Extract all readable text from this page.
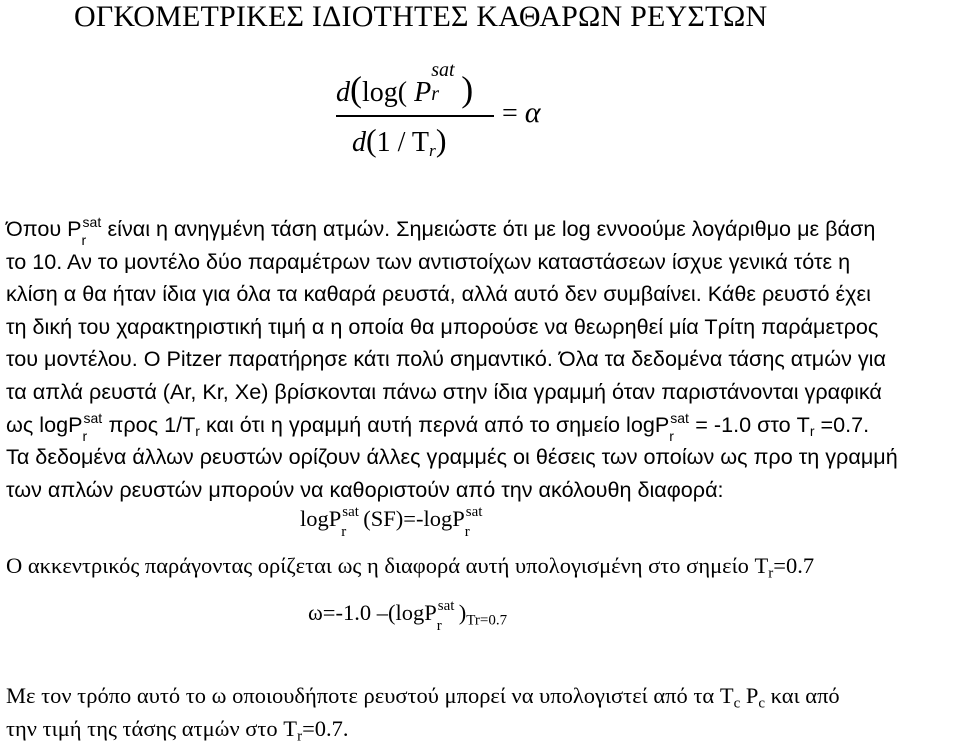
ΟΓΚΟΜΕΤΡΙΚΕΣ ΙΔΙΟΤΗΤΕΣ ΚΑΘΑΡΩΝ ΡΕΥΣΤΩΝ
d(log( P
sat
r )
$d(1 / T_r)$
= α

Όπου P sat
r είναι η ανηγμένη τάση ατμών. Σημειώστε ότι με log εννοούμε λογάριθμο με βάση

το 10. Αν το μοντέλο δύο παραμέτρων των αντιστοίχων καταστάσεων ίσχυε γενικά τότε η

κλίση α θα ήταν ίδια για όλα τα καθαρά ρευστά, αλλά αυτό δεν συμβαίνει. Κάθε ρευστό έχει

τη δική του χαρακτηριστική τιμή α η οποία θα μπορούσε να θεωρηθεί μία Τρίτη παράμετρος

του μοντέλου. Ο Pitzer παρατήρησε κάτι πολύ σημαντικό. Όλα τα δεδομένα τάσης ατμών για

τα απλά ρευστά (Ar, Kr, Xe) βρίσκονται πάνω στην ίδια γραμμή όταν παριστάνονται γραφικά

ως logP sat
r προς $1/T_r$ και ότι η γραμμή αυτή περνά από το σημείο logP sat
r = -1.0 στο $T_r =0.7$.

Τα δεδομένα άλλων ρευστών ορίζουν άλλες γραμμές οι θέσεις των οποίων ως προ τη γραμμή

των απλών ρευστών μπορούν να καθοριστούν από την ακόλουθη διαφορά:

logP sat
r
(SF)=-logP sat
r
Ο ακκεντρικός παράγοντας ορίζεται ως η διαφορά αυτή υπολογισμένη στο σημείο $T_r=0.7$
ω=-1.0 –(logP sat
r
)$_{Tr=0.7}$
Με τον τρόπο αυτό το ω οποιουδήποτε ρευστού μπορεί να υπολογιστεί από τα $T_c$ $P_c$ και από
την τιμή της τάσης ατμών στο $T_r=0.7$.
